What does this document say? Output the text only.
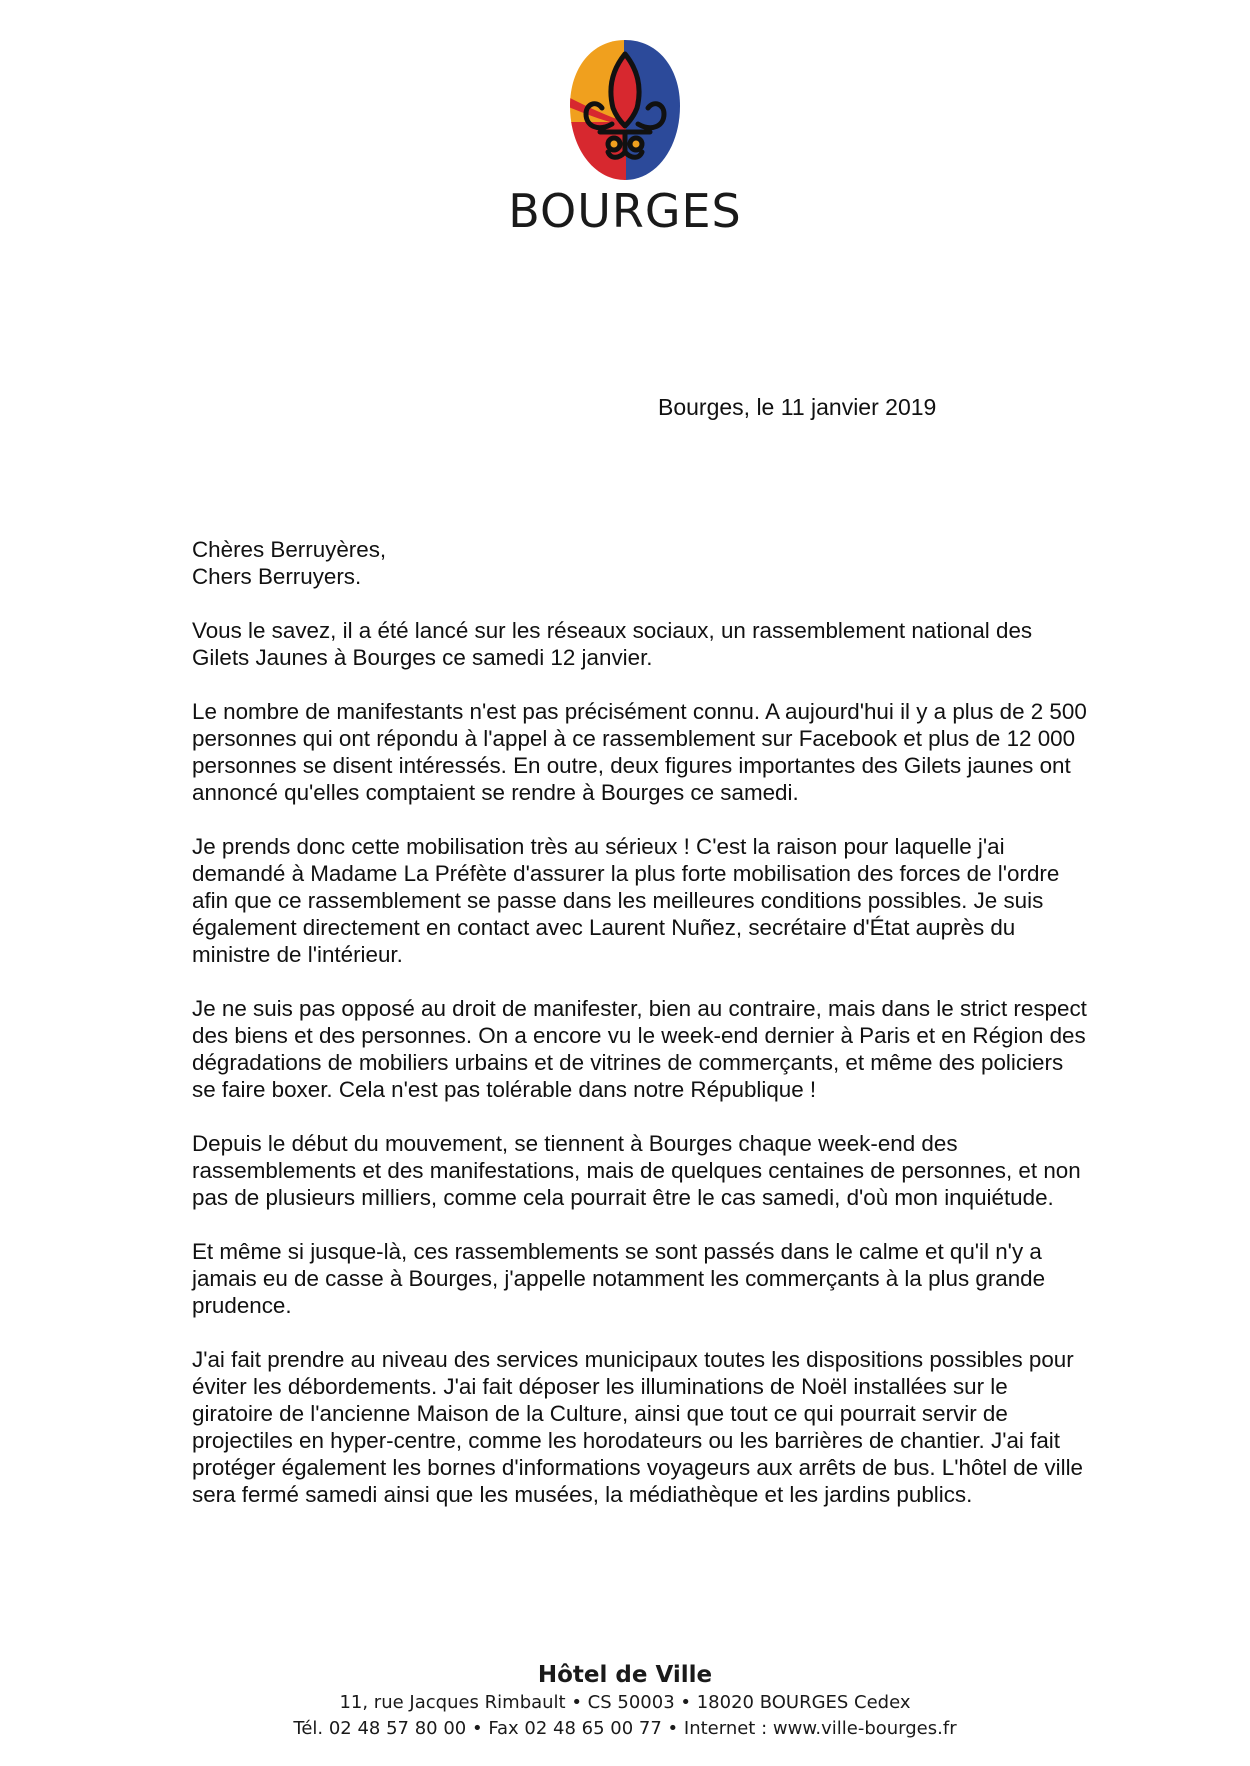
BOURGES
Bourges, le 11 janvier 2019
Chères Berruyères,
Chers Berruyers.

Vous le savez, il a été lancé sur les réseaux sociaux, un rassemblement national des Gilets Jaunes à Bourges ce samedi 12 janvier.

Le nombre de manifestants n'est pas précisément connu. A aujourd'hui il y a plus de 2 500 personnes qui ont répondu à l'appel à ce rassemblement sur Facebook et plus de 12 000 personnes se disent intéressés. En outre, deux figures importantes des Gilets jaunes ont annoncé qu'elles comptaient se rendre à Bourges ce samedi.

Je prends donc cette mobilisation très au sérieux ! C'est la raison pour laquelle j'ai demandé à Madame La Préfète d'assurer la plus forte mobilisation des forces de l'ordre afin que ce rassemblement se passe dans les meilleures conditions possibles. Je suis également directement en contact avec Laurent Nuñez, secrétaire d'État auprès du ministre de l'intérieur.

Je ne suis pas opposé au droit de manifester, bien au contraire, mais dans le strict respect des biens et des personnes. On a encore vu le week-end dernier à Paris et en Région des dégradations de mobiliers urbains et de vitrines de commerçants, et même des policiers se faire boxer. Cela n'est pas tolérable dans notre République !

Depuis le début du mouvement, se tiennent à Bourges chaque week-end des rassemblements et des manifestations, mais de quelques centaines de personnes, et non pas de plusieurs milliers, comme cela pourrait être le cas samedi, d'où mon inquiétude.

Et même si jusque-là, ces rassemblements se sont passés dans le calme et qu'il n'y a jamais eu de casse à Bourges, j'appelle notamment les commerçants à la plus grande prudence.

J'ai fait prendre au niveau des services municipaux toutes les dispositions possibles pour éviter les débordements. J'ai fait déposer les illuminations de Noël installées sur le giratoire de l'ancienne Maison de la Culture, ainsi que tout ce qui pourrait servir de projectiles en hyper-centre, comme les horodateurs ou les barrières de chantier. J'ai fait protéger également les bornes d'informations voyageurs aux arrêts de bus. L'hôtel de ville sera fermé samedi ainsi que les musées, la médiathèque et les jardins publics.

Hôtel de Ville
11, rue Jacques Rimbault • CS 50003 • 18020 BOURGES Cedex
Tél. 02 48 57 80 00 • Fax 02 48 65 00 77 • Internet : www.ville-bourges.fr
